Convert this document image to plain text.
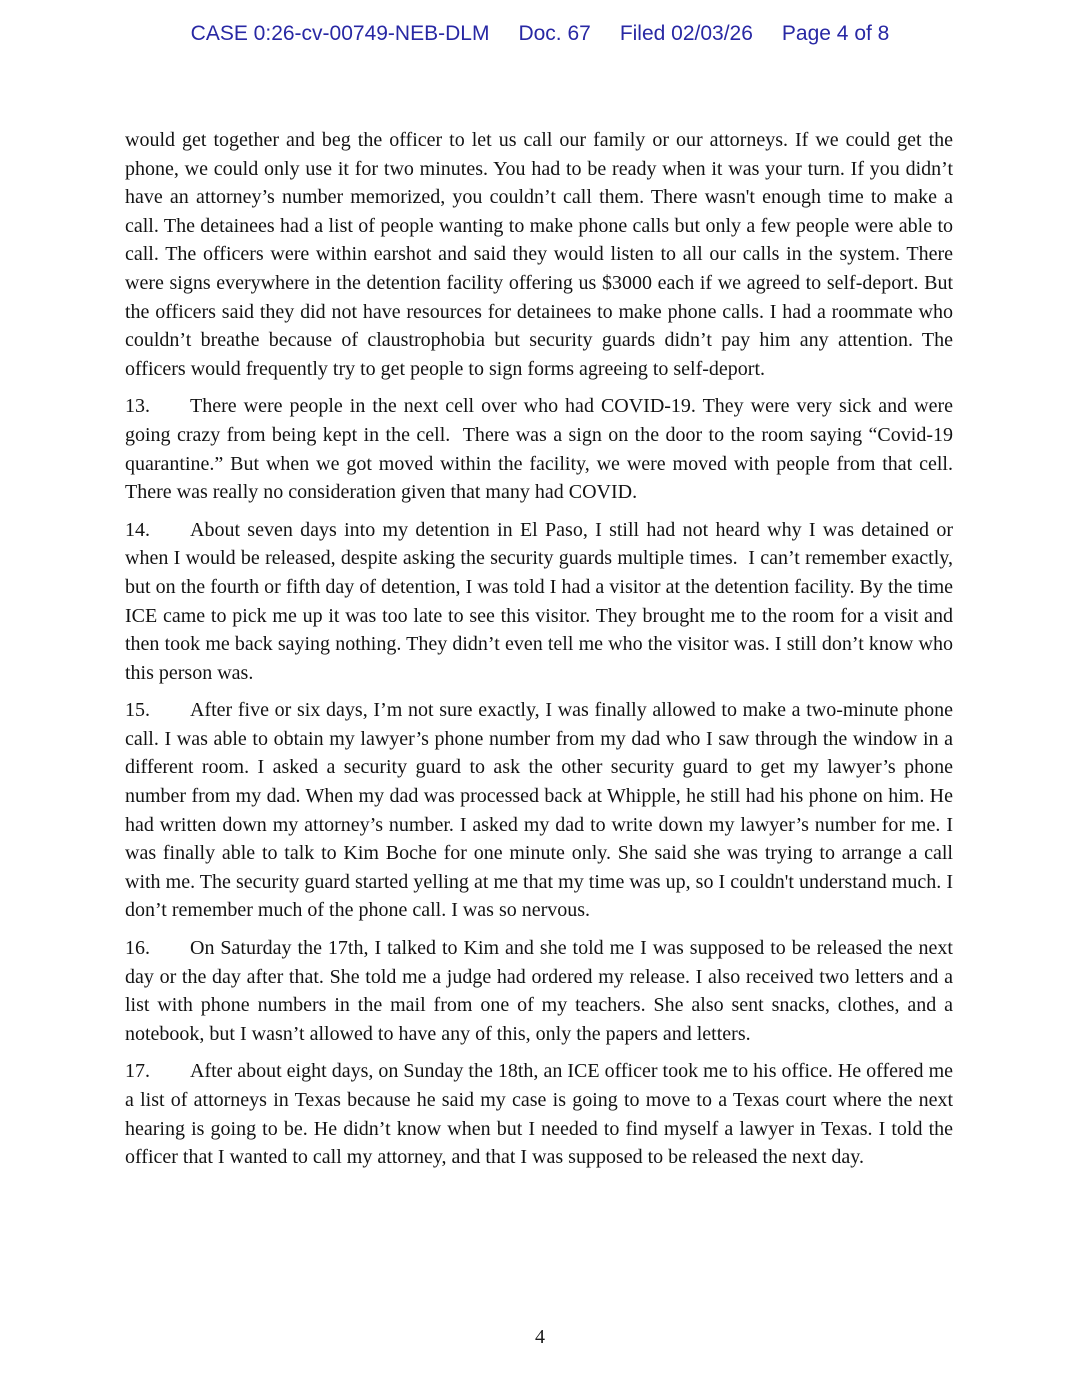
CASE 0:26-cv-00749-NEB-DLM Doc. 67 Filed 02/03/26 Page 4 of 8

would get together and beg the officer to let us call our family or our attorneys. If we could get the phone, we could only use it for two minutes. You had to be ready when it was your turn. If you didn’t have an attorney’s number memorized, you couldn’t call them. There wasn't enough time to make a call. The detainees had a list of people wanting to make phone calls but only a few people were able to call. The officers were within earshot and said they would listen to all our calls in the system. There were signs everywhere in the detention facility offering us $3000 each if we agreed to self-deport. But the officers said they did not have resources for detainees to make phone calls. I had a roommate who couldn’t breathe because of claustrophobia but security guards didn’t pay him any attention. The officers would frequently try to get people to sign forms agreeing to self-deport.

13. There were people in the next cell over who had COVID-19. They were very sick and were going crazy from being kept in the cell.  There was a sign on the door to the room saying “Covid-19 quarantine.” But when we got moved within the facility, we were moved with people from that cell. There was really no consideration given that many had COVID.

14. About seven days into my detention in El Paso, I still had not heard why I was detained or when I would be released, despite asking the security guards multiple times.  I can’t remember exactly, but on the fourth or fifth day of detention, I was told I had a visitor at the detention facility. By the time ICE came to pick me up it was too late to see this visitor. They brought me to the room for a visit and then took me back saying nothing. They didn’t even tell me who the visitor was. I still don’t know who this person was.

15. After five or six days, I’m not sure exactly, I was finally allowed to make a two-minute phone call. I was able to obtain my lawyer’s phone number from my dad who I saw through the window in a different room. I asked a security guard to ask the other security guard to get my lawyer’s phone number from my dad. When my dad was processed back at Whipple, he still had his phone on him. He had written down my attorney’s number. I asked my dad to write down my lawyer’s number for me. I was finally able to talk to Kim Boche for one minute only. She said she was trying to arrange a call with me. The security guard started yelling at me that my time was up, so I couldn't understand much. I don’t remember much of the phone call. I was so nervous.

16. On Saturday the 17th, I talked to Kim and she told me I was supposed to be released the next day or the day after that. She told me a judge had ordered my release. I also received two letters and a list with phone numbers in the mail from one of my teachers. She also sent snacks, clothes, and a notebook, but I wasn’t allowed to have any of this, only the papers and letters.

17. After about eight days, on Sunday the 18th, an ICE officer took me to his office. He offered me a list of attorneys in Texas because he said my case is going to move to a Texas court where the next hearing is going to be. He didn’t know when but I needed to find myself a lawyer in Texas. I told the officer that I wanted to call my attorney, and that I was supposed to be released the next day.

4
